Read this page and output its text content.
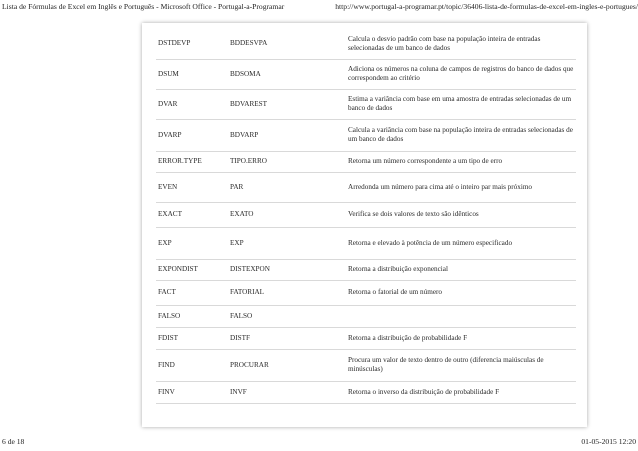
Lista de Fórmulas de Excel em Inglês e Português - Microsoft Office - Portugal-a-Programar	http://www.portugal-a-programar.pt/topic/36406-lista-de-formulas-de-excel-em-ingles-e-portugues/
DSTDEVP	BDDESVPA	Calcula o desvio padrão com base na população inteira de entradas selecionadas de um banco de dados
DSUM	BDSOMA	Adiciona os números na coluna de campos de registros do banco de dados que correspondem ao critério
DVAR	BDVAREST	Estima a variância com base em uma amostra de entradas selecionadas de um banco de dados
DVARP	BDVARP	Calcula a variância com base na população inteira de entradas selecionadas de um banco de dados
ERROR.TYPE	TIPO.ERRO	Retorna um número correspondente a um tipo de erro
EVEN	PAR	Arredonda um número para cima até o inteiro par mais próximo
EXACT	EXATO	Verifica se dois valores de texto são idênticos
EXP	EXP	Retorna e elevado à potência de um número especificado
EXPONDIST	DISTEXPON	Retorna a distribuição exponencial
FACT	FATORIAL	Retorna o fatorial de um número
FALSO	FALSO	
FDIST	DISTF	Retorna a distribuição de probabilidade F
FIND	PROCURAR	Procura um valor de texto dentro de outro (diferencia maiúsculas de minúsculas)
FINV	INVF	Retorna o inverso da distribuição de probabilidade F
6 de 18	01-05-2015 12:20
